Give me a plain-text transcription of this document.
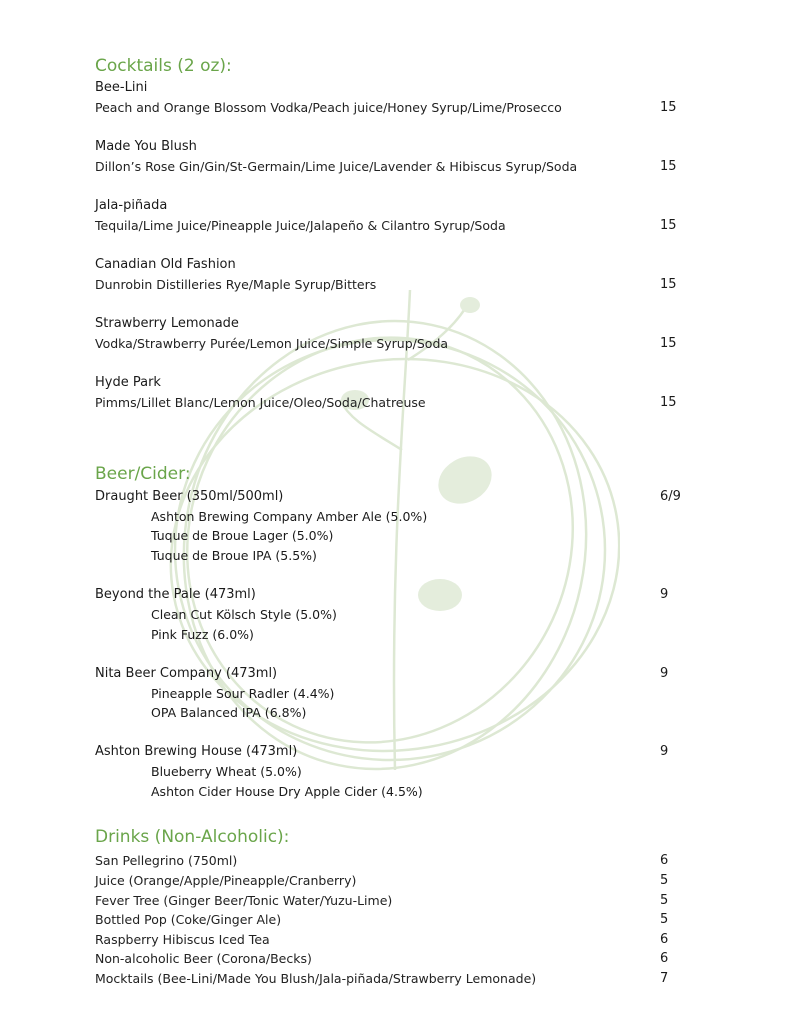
Cocktails (2 oz):
Bee-Lini
Peach and Orange Blossom Vodka/Peach juice/Honey Syrup/Lime/Prosecco	15
Made You Blush
Dillon’s Rose Gin/Gin/St-Germain/Lime Juice/Lavender & Hibiscus Syrup/Soda	15
Jala-piñada
Tequila/Lime Juice/Pineapple Juice/Jalapeño & Cilantro Syrup/Soda	15
Canadian Old Fashion
Dunrobin Distilleries Rye/Maple Syrup/Bitters	15
Strawberry Lemonade
Vodka/Strawberry Purée/Lemon Juice/Simple Syrup/Soda	15
Hyde Park
Pimms/Lillet Blanc/Lemon Juice/Oleo/Soda/Chatreuse	15
Beer/Cider:
Draught Beer (350ml/500ml)	6/9
Ashton Brewing Company Amber Ale (5.0%)
Tuque de Broue Lager (5.0%)
Tuque de Broue IPA (5.5%)
Beyond the Pale (473ml)	9
Clean Cut Kölsch Style (5.0%)
Pink Fuzz (6.0%)
Nita Beer Company (473ml)	9
Pineapple Sour Radler (4.4%)
OPA Balanced IPA (6.8%)
Ashton Brewing House (473ml)	9
Blueberry Wheat (5.0%)
Ashton Cider House Dry Apple Cider (4.5%)
Drinks (Non-Alcoholic):
San Pellegrino (750ml)	6
Juice (Orange/Apple/Pineapple/Cranberry)	5
Fever Tree (Ginger Beer/Tonic Water/Yuzu-Lime)	5
Bottled Pop (Coke/Ginger Ale)	5
Raspberry Hibiscus Iced Tea	6
Non-alcoholic Beer (Corona/Becks)	6
Mocktails (Bee-Lini/Made You Blush/Jala-piñada/Strawberry Lemonade)	7
